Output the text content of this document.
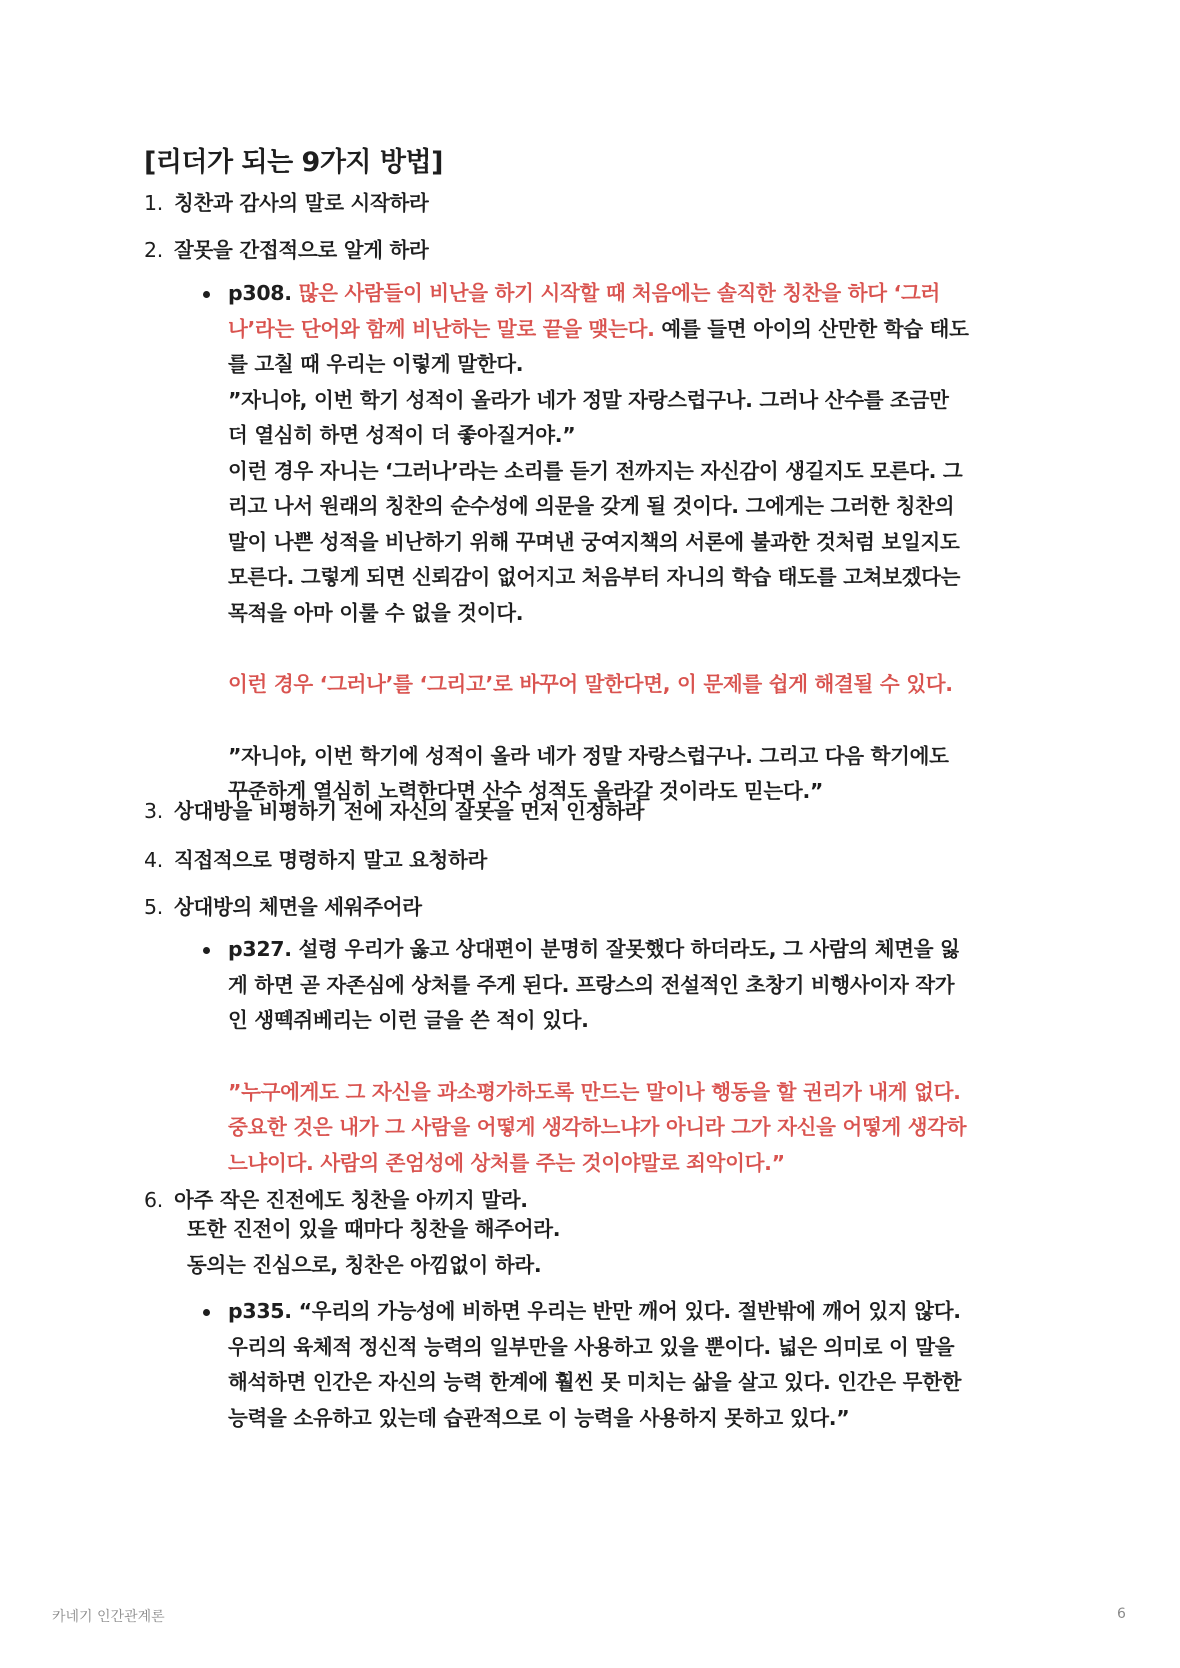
[리더가 되는 9가지 방법]
1. 칭찬과 감사의 말로 시작하라
2. 잘못을 간접적으로 알게 하라
p308. 많은 사람들이 비난을 하기 시작할 때 처음에는 솔직한 칭찬을 하다 ‘그러
나’라는 단어와 함께 비난하는 말로 끝을 맺는다. 예를 들면 아이의 산만한 학습 태도
를 고칠 때 우리는 이렇게 말한다.
”자니야, 이번 학기 성적이 올라가 네가 정말 자랑스럽구나. 그러나 산수를 조금만
더 열심히 하면 성적이 더 좋아질거야.”
이런 경우 자니는 ‘그러나’라는 소리를 듣기 전까지는 자신감이 생길지도 모른다. 그
리고 나서 원래의 칭찬의 순수성에 의문을 갖게 될 것이다. 그에게는 그러한 칭찬의
말이 나쁜 성적을 비난하기 위해 꾸며낸 궁여지책의 서론에 불과한 것처럼 보일지도
모른다. 그렇게 되면 신뢰감이 없어지고 처음부터 자니의 학습 태도를 고쳐보겠다는
목적을 아마 이룰 수 없을 것이다.
이런 경우 ‘그러나’를 ‘그리고’로 바꾸어 말한다면, 이 문제를 쉽게 해결될 수 있다.
”자니야, 이번 학기에 성적이 올라 네가 정말 자랑스럽구나. 그리고 다음 학기에도
꾸준하게 열심히 노력한다면 산수 성적도 올라갈 것이라도 믿는다.”
3. 상대방을 비평하기 전에 자신의 잘못을 먼저 인정하라
4. 직접적으로 명령하지 말고 요청하라
5. 상대방의 체면을 세워주어라
p327. 설령 우리가 옳고 상대편이 분명히 잘못했다 하더라도, 그 사람의 체면을 잃
게 하면 곧 자존심에 상처를 주게 된다. 프랑스의 전설적인 초창기 비행사이자 작가
인 생떽쥐베리는 이런 글을 쓴 적이 있다.
”누구에게도 그 자신을 과소평가하도록 만드는 말이나 행동을 할 권리가 내게 없다.
중요한 것은 내가 그 사람을 어떻게 생각하느냐가 아니라 그가 자신을 어떻게 생각하
느냐이다. 사람의 존엄성에 상처를 주는 것이야말로 죄악이다.”
6. 아주 작은 진전에도 칭찬을 아끼지 말라.
또한 진전이 있을 때마다 칭찬을 해주어라.
동의는 진심으로, 칭찬은 아낌없이 하라.
p335. “우리의 가능성에 비하면 우리는 반만 깨어 있다. 절반밖에 깨어 있지 않다.
우리의 육체적 정신적 능력의 일부만을 사용하고 있을 뿐이다. 넓은 의미로 이 말을
해석하면 인간은 자신의 능력 한계에 훨씬 못 미치는 삶을 살고 있다. 인간은 무한한
능력을 소유하고 있는데 습관적으로 이 능력을 사용하지 못하고 있다.”
카네기 인간관계론	6
